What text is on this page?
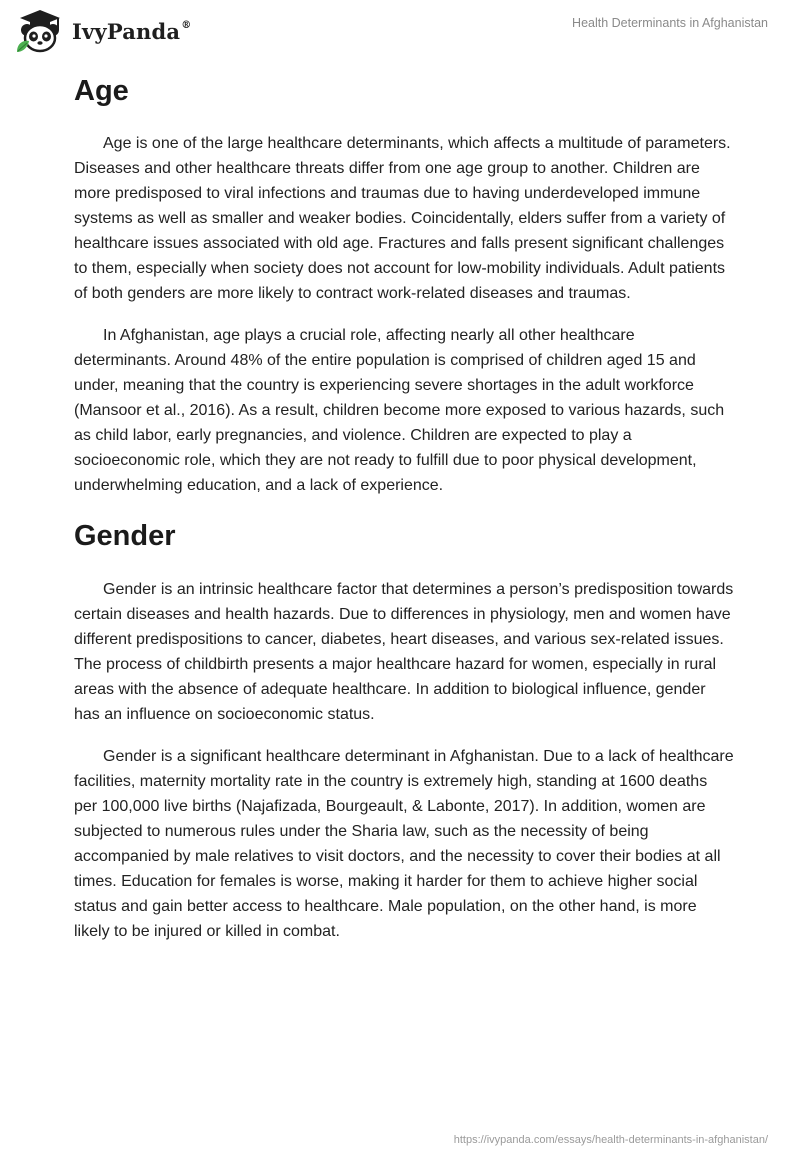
IvyPanda®	Health Determinants in Afghanistan
Age

Age is one of the large healthcare determinants, which affects a multitude of parameters. Diseases and other healthcare threats differ from one age group to another. Children are more predisposed to viral infections and traumas due to having underdeveloped immune systems as well as smaller and weaker bodies. Coincidentally, elders suffer from a variety of healthcare issues associated with old age. Fractures and falls present significant challenges to them, especially when society does not account for low-mobility individuals. Adult patients of both genders are more likely to contract work-related diseases and traumas.

In Afghanistan, age plays a crucial role, affecting nearly all other healthcare determinants. Around 48% of the entire population is comprised of children aged 15 and under, meaning that the country is experiencing severe shortages in the adult workforce (Mansoor et al., 2016). As a result, children become more exposed to various hazards, such as child labor, early pregnancies, and violence. Children are expected to play a socioeconomic role, which they are not ready to fulfill due to poor physical development, underwhelming education, and a lack of experience.

Gender

Gender is an intrinsic healthcare factor that determines a person’s predisposition towards certain diseases and health hazards. Due to differences in physiology, men and women have different predispositions to cancer, diabetes, heart diseases, and various sex-related issues. The process of childbirth presents a major healthcare hazard for women, especially in rural areas with the absence of adequate healthcare. In addition to biological influence, gender has an influence on socioeconomic status.

Gender is a significant healthcare determinant in Afghanistan. Due to a lack of healthcare facilities, maternity mortality rate in the country is extremely high, standing at 1600 deaths per 100,000 live births (Najafizada, Bourgeault, & Labonte, 2017). In addition, women are subjected to numerous rules under the Sharia law, such as the necessity of being accompanied by male relatives to visit doctors, and the necessity to cover their bodies at all times. Education for females is worse, making it harder for them to achieve higher social status and gain better access to healthcare. Male population, on the other hand, is more likely to be injured or killed in combat.

https://ivypanda.com/essays/health-determinants-in-afghanistan/
